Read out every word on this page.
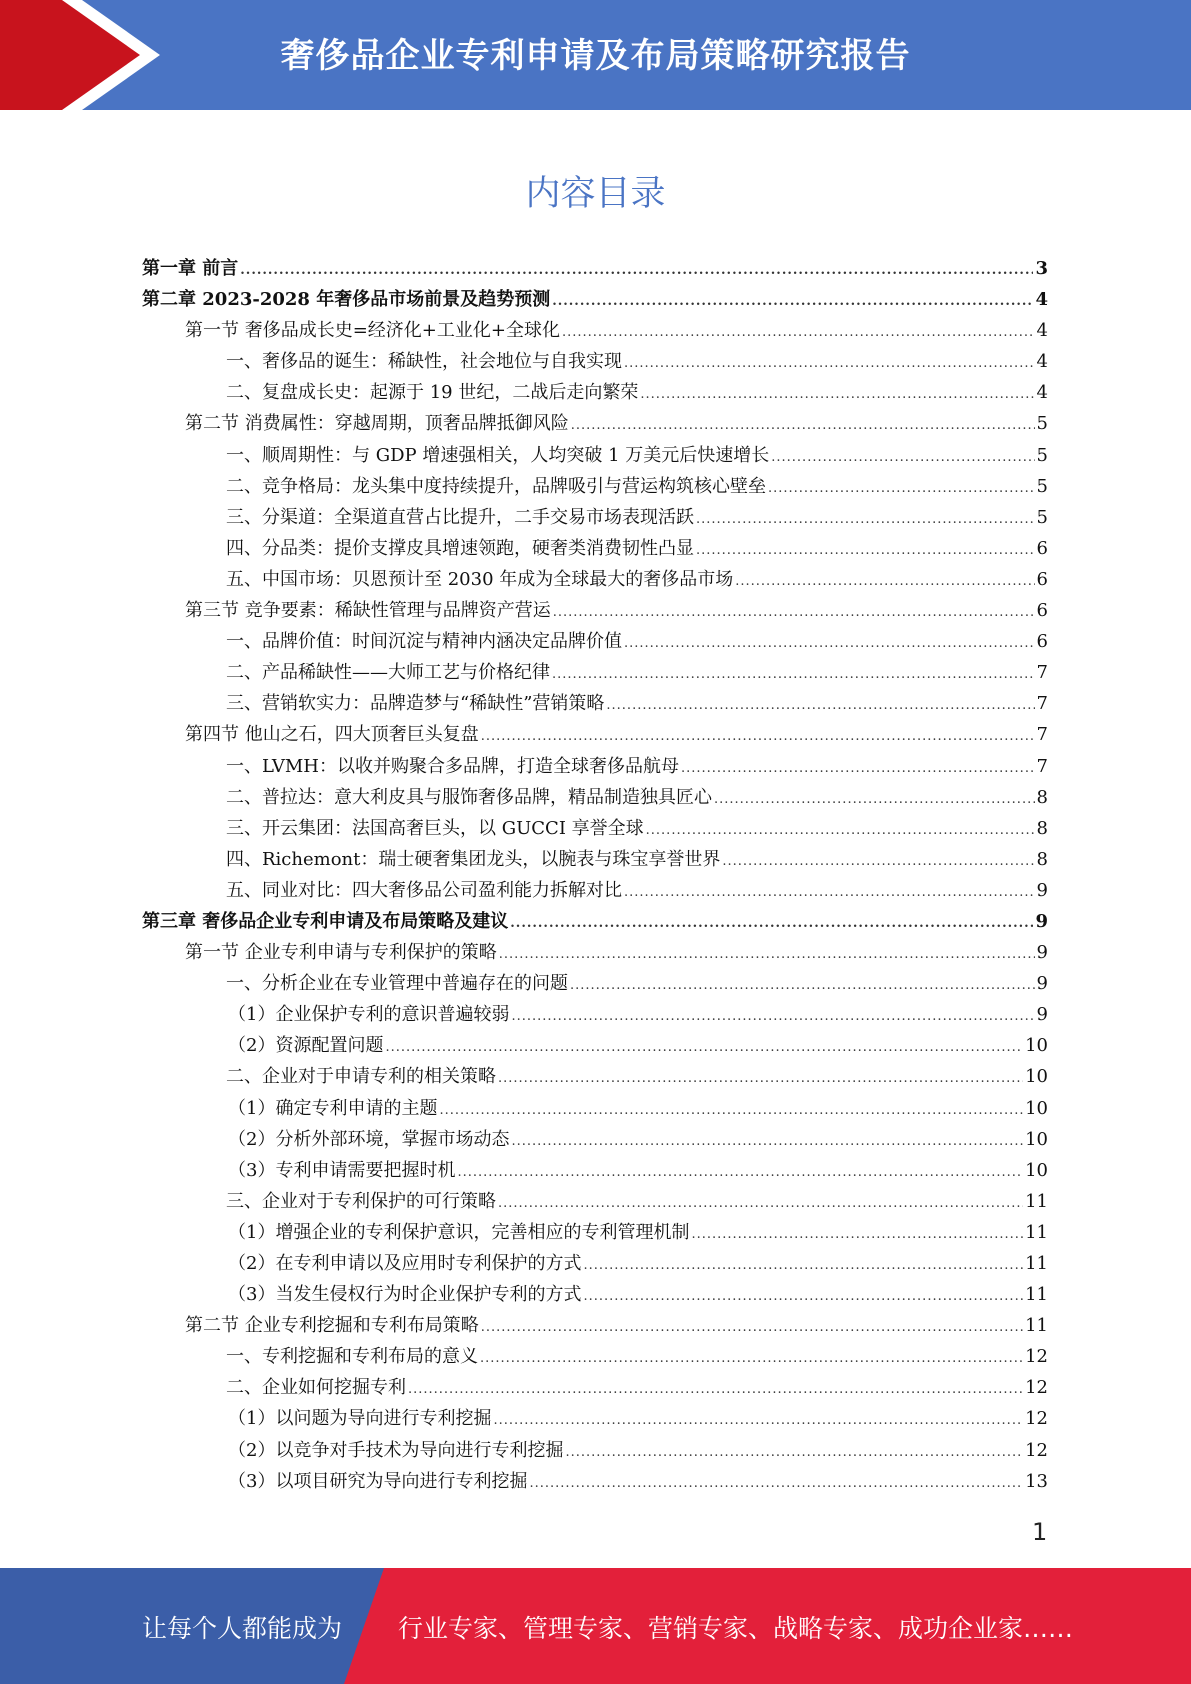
奢侈品企业专利申请及布局策略研究报告
内容目录
第一章 前言 .....	3
第二章 2023-2028 年奢侈品市场前景及趋势预测 .....	4
第一节 奢侈品成长史=经济化+工业化+全球化 .....	4
一、奢侈品的诞生：稀缺性，社会地位与自我实现 .....	4
二、复盘成长史：起源于 19 世纪，二战后走向繁荣 .....	4
第二节 消费属性：穿越周期，顶奢品牌抵御风险 .....	5
一、顺周期性：与 GDP 增速强相关，人均突破 1 万美元后快速增长 .....	5
二、竞争格局：龙头集中度持续提升，品牌吸引与营运构筑核心壁垒 .....	5
三、分渠道：全渠道直营占比提升，二手交易市场表现活跃 .....	5
四、分品类：提价支撑皮具增速领跑，硬奢类消费韧性凸显 .....	6
五、中国市场：贝恩预计至 2030 年成为全球最大的奢侈品市场 .....	6
第三节 竞争要素：稀缺性管理与品牌资产营运 .....	6
一、品牌价值：时间沉淀与精神内涵决定品牌价值 .....	6
二、产品稀缺性——大师工艺与价格纪律 .....	7
三、营销软实力：品牌造梦与“稀缺性”营销策略 .....	7
第四节 他山之石，四大顶奢巨头复盘 .....	7
一、LVMH：以收并购聚合多品牌，打造全球奢侈品航母 .....	7
二、普拉达：意大利皮具与服饰奢侈品牌，精品制造独具匠心 .....	8
三、开云集团：法国高奢巨头，以 GUCCI 享誉全球 .....	8
四、Richemont：瑞士硬奢集团龙头，以腕表与珠宝享誉世界 .....	8
五、同业对比：四大奢侈品公司盈利能力拆解对比 .....	9
第三章 奢侈品企业专利申请及布局策略及建议 .....	9
第一节 企业专利申请与专利保护的策略 .....	9
一、分析企业在专业管理中普遍存在的问题 .....	9
（1）企业保护专利的意识普遍较弱 .....	9
（2）资源配置问题 .....	10
二、企业对于申请专利的相关策略 .....	10
（1）确定专利申请的主题 .....	10
（2）分析外部环境，掌握市场动态 .....	10
（3）专利申请需要把握时机 .....	10
三、企业对于专利保护的可行策略 .....	11
（1）增强企业的专利保护意识，完善相应的专利管理机制 .....	11
（2）在专利申请以及应用时专利保护的方式 .....	11
（3）当发生侵权行为时企业保护专利的方式 .....	11
第二节 企业专利挖掘和专利布局策略 .....	11
一、专利挖掘和专利布局的意义 .....	12
二、企业如何挖掘专利 .....	12
（1）以问题为导向进行专利挖掘 .....	12
（2）以竞争对手技术为导向进行专利挖掘 .....	12
（3）以项目研究为导向进行专利挖掘 .....	13
1
让每个人都能成为 行业专家、管理专家、营销专家、战略专家、成功企业家……
